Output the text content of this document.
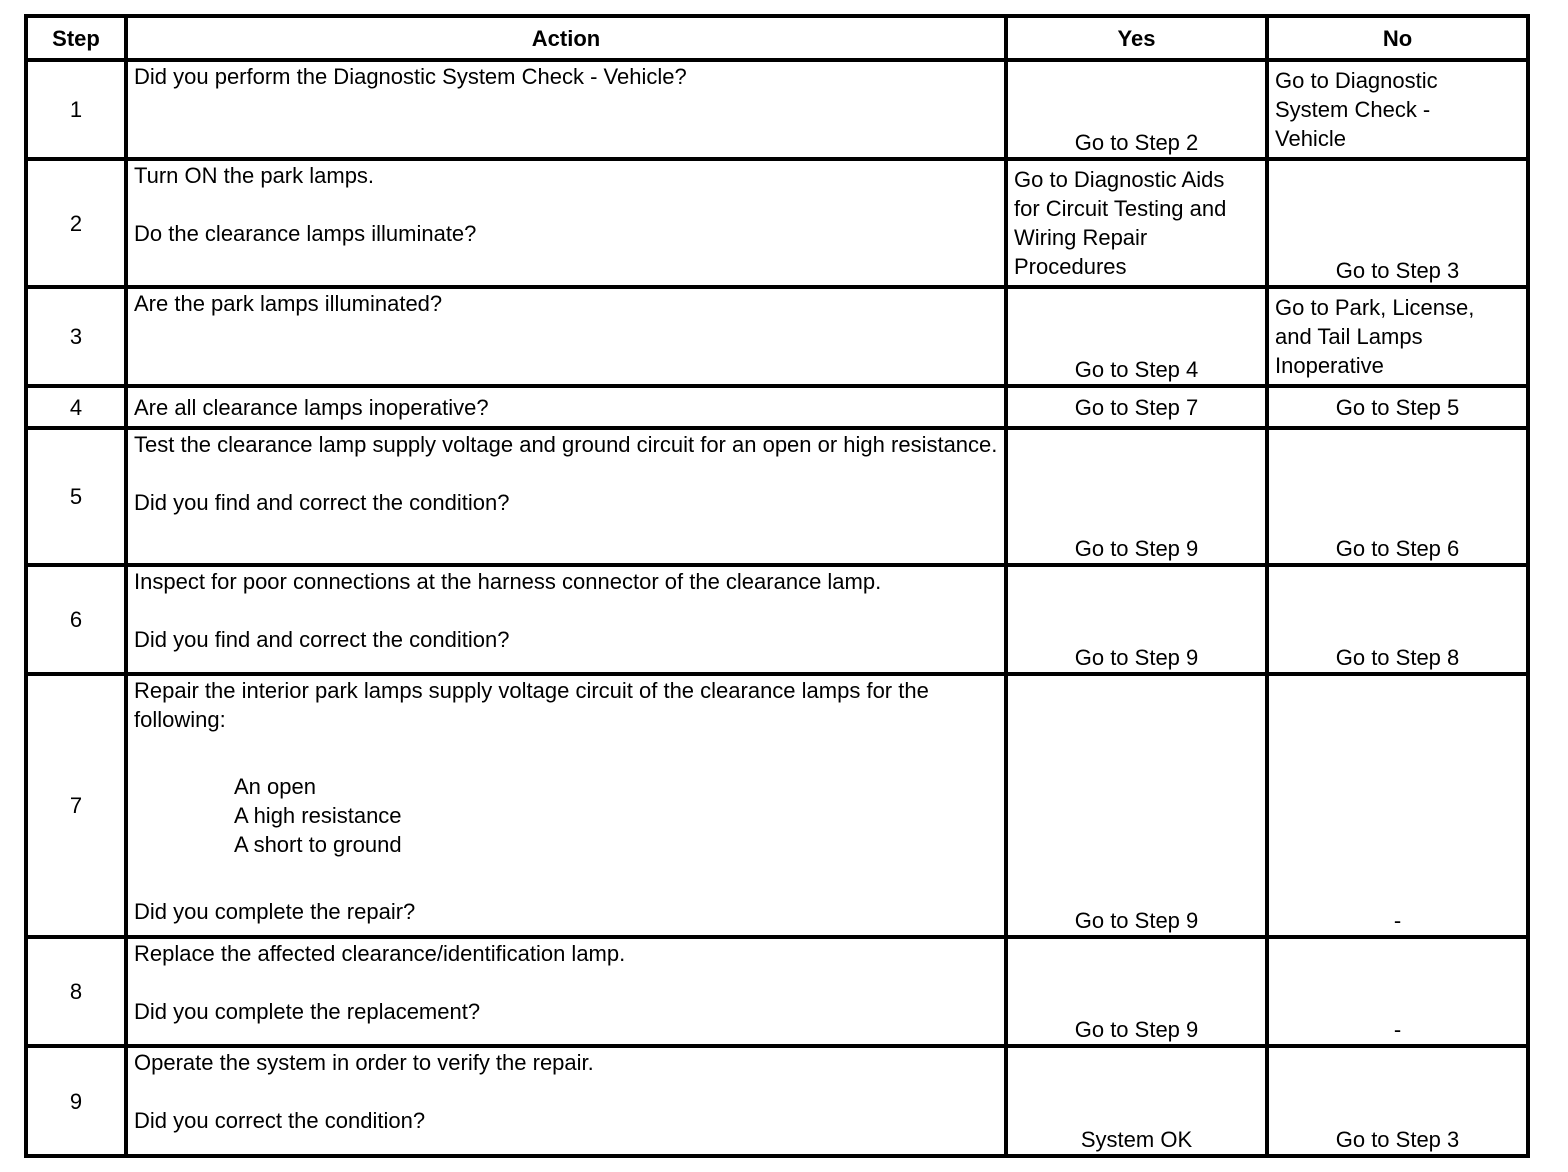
Step	Action	Yes	No
1	Did you perform the Diagnostic System Check - Vehicle?	Go to Step 2	Go to Diagnostic
System Check -
Vehicle

2	Turn ON the park lamps.
Do the clearance lamps illuminate?	Go to Diagnostic Aids
for Circuit Testing and
Wiring Repair
Procedures	Go to Step 3
3	Are the park lamps illuminated?	Go to Step 4	Go to Park, License,
and Tail Lamps
Inoperative

4	Are all clearance lamps inoperative?	Go to Step 7	Go to Step 5
5	Test the clearance lamp supply voltage and ground circuit for an open or high resistance.
Did you find and correct the condition?	Go to Step 9	Go to Step 6
6	Inspect for poor connections at the harness connector of the clearance lamp.
Did you find and correct the condition?	Go to Step 9	Go to Step 8
7	Repair the interior park lamps supply voltage circuit of the clearance lamps for the following:
An open
A high resistance
A short to ground
Did you complete the repair?	Go to Step 9	-
8	Replace the affected clearance/identification lamp.
Did you complete the replacement?	Go to Step 9	-
9	Operate the system in order to verify the repair.
Did you correct the condition?	System OK	Go to Step 3
